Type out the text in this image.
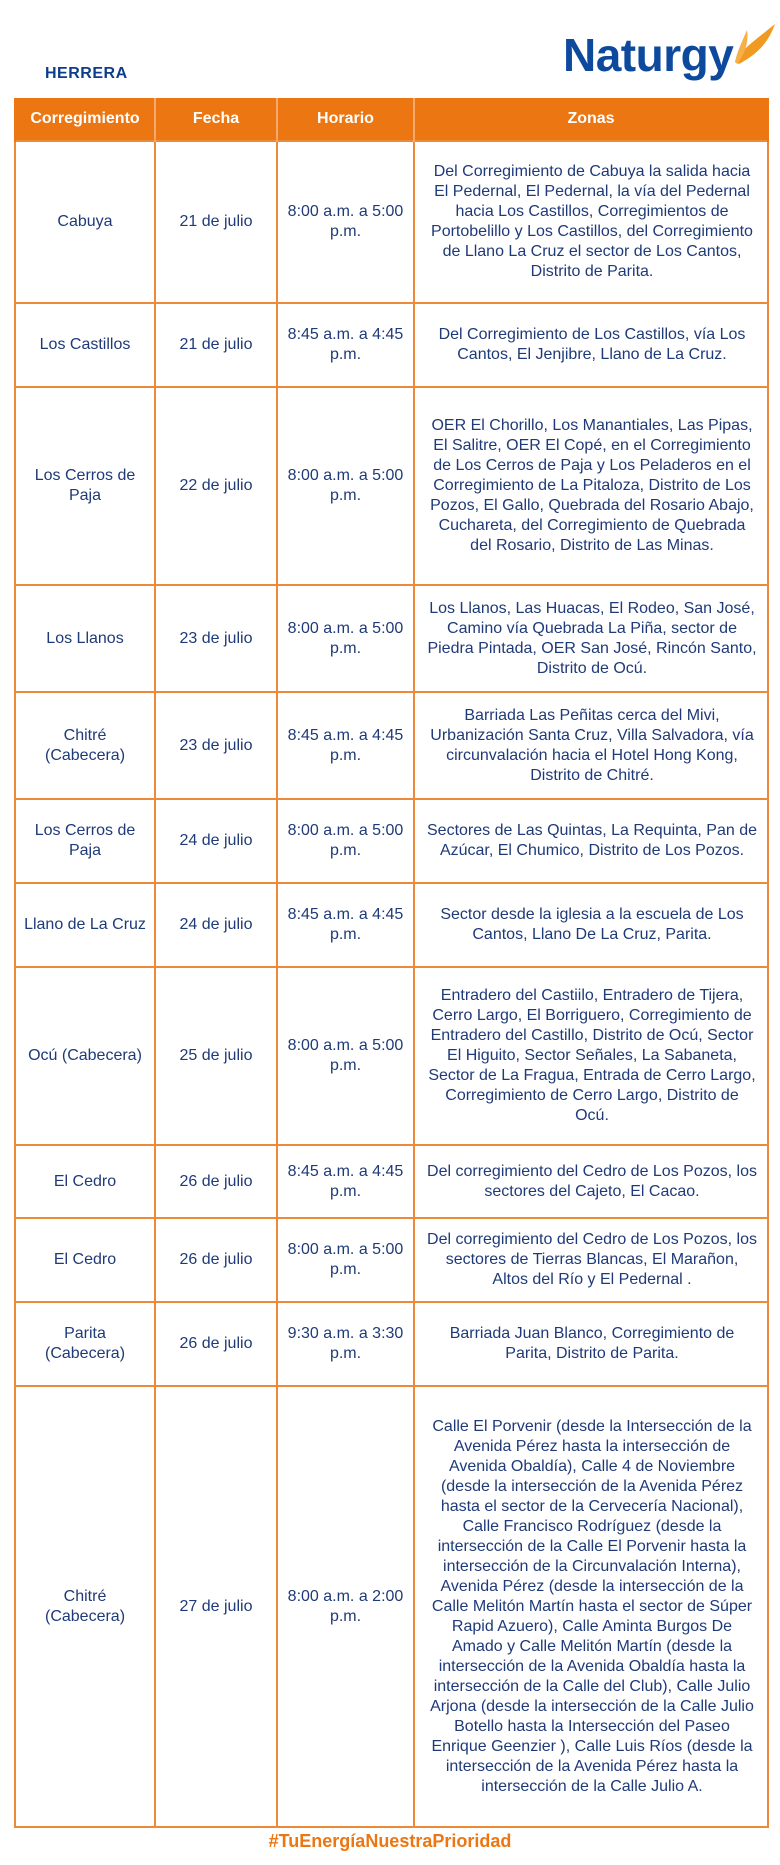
HERRERA	Naturgy
Corregimiento	Fecha	Horario	Zonas
Cabuya	21 de julio	8:00 a.m. a 5:00 p.m.	Del Corregimiento de Cabuya la salida hacia El Pedernal, El Pedernal, la vía del Pedernal hacia Los Castillos, Corregimientos de Portobelillo y Los Castillos, del Corregimiento de Llano La Cruz el sector de Los Cantos, Distrito de Parita.
Los Castillos	21 de julio	8:45 a.m. a 4:45 p.m.	Del Corregimiento de Los Castillos, vía Los Cantos, El Jenjibre, Llano de La Cruz.
Los Cerros de Paja	22 de julio	8:00 a.m. a 5:00 p.m.	OER El Chorillo, Los Manantiales, Las Pipas, El Salitre, OER El Copé, en el Corregimiento de Los Cerros de Paja y Los Peladeros en el Corregimiento de La Pitaloza, Distrito de Los Pozos, El Gallo, Quebrada del Rosario Abajo, Cuchareta, del Corregimiento de Quebrada del Rosario, Distrito de Las Minas.
Los Llanos	23 de julio	8:00 a.m. a 5:00 p.m.	Los Llanos, Las Huacas, El Rodeo, San José, Camino vía Quebrada La Piña, sector de Piedra Pintada, OER San José, Rincón Santo, Distrito de Ocú.
Chitré (Cabecera)	23 de julio	8:45 a.m. a 4:45 p.m.	Barriada Las Peñitas cerca del Mivi, Urbanización Santa Cruz, Villa Salvadora, vía circunvalación hacia el Hotel Hong Kong, Distrito de Chitré.
Los Cerros de Paja	24 de julio	8:00 a.m. a 5:00 p.m.	Sectores de Las Quintas, La Requinta, Pan de Azúcar, El Chumico, Distrito de Los Pozos.
Llano de La Cruz	24 de julio	8:45 a.m. a 4:45 p.m.	Sector desde la iglesia a la escuela de Los Cantos, Llano De La Cruz, Parita.
Ocú (Cabecera)	25 de julio	8:00 a.m. a 5:00 p.m.	Entradero del Castiilo, Entradero de Tijera, Cerro Largo, El Borriguero, Corregimiento de Entradero del Castillo, Distrito de Ocú, Sector El Higuito, Sector Señales, La Sabaneta, Sector de La Fragua, Entrada de Cerro Largo, Corregimiento de Cerro Largo, Distrito de Ocú.
El Cedro	26 de julio	8:45 a.m. a 4:45 p.m.	Del corregimiento del Cedro de Los Pozos, los sectores del Cajeto, El Cacao.
El Cedro	26 de julio	8:00 a.m. a 5:00 p.m.	Del corregimiento del Cedro de Los Pozos, los sectores de Tierras Blancas, El Marañon, Altos del Río y El Pedernal .
Parita (Cabecera)	26 de julio	9:30 a.m. a 3:30 p.m.	Barriada Juan Blanco, Corregimiento de Parita, Distrito de Parita.
Chitré (Cabecera)	27 de julio	8:00 a.m. a 2:00 p.m.	Calle El Porvenir (desde la Intersección de la Avenida Pérez hasta la intersección de Avenida Obaldía), Calle 4 de Noviembre (desde la intersección de la Avenida Pérez hasta el sector de la Cervecería Nacional), Calle Francisco Rodríguez (desde la intersección de la Calle El Porvenir hasta la intersección de la Circunvalación Interna), Avenida Pérez (desde la intersección de la Calle Melitón Martín hasta el sector de Súper Rapid Azuero), Calle Aminta Burgos De Amado y Calle Melitón Martín (desde la intersección de la Avenida Obaldía hasta la intersección de la Calle del Club), Calle Julio Arjona (desde la intersección de la Calle Julio Botello hasta la Intersección del Paseo Enrique Geenzier ), Calle Luis Ríos (desde la intersección de la Avenida Pérez hasta la intersección de la Calle Julio A.
#TuEnergíaNuestraPrioridad
